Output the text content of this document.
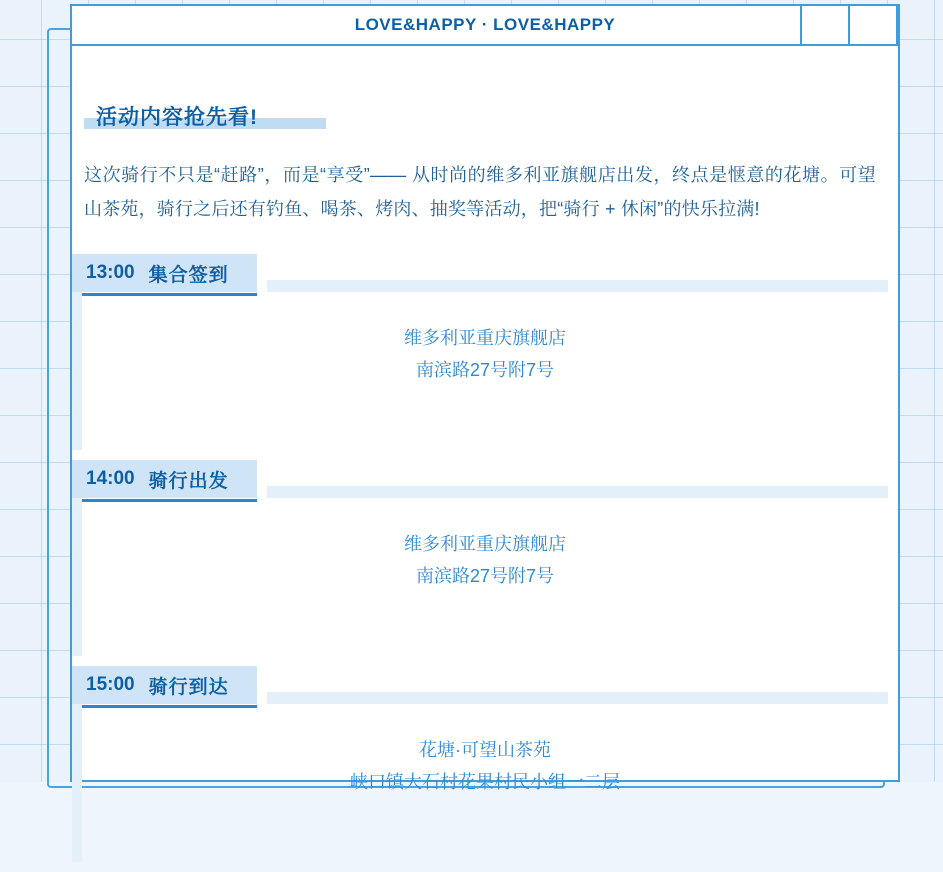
LOVE&HAPPY · LOVE&HAPPY
活动内容抢先看!

这次骑行不只是“赶路”，而是“享受”—— 从时尚的维多利亚旗舰店出发，终点是惬意的花塘。可望山茶苑，骑行之后还有钓鱼、喝茶、烤肉、抽奖等活动，把“骑行 + 休闲”的快乐拉满!

13:00 集合签到
维多利亚重庆旗舰店
南滨路27号附7号
14:00 骑行出发
维多利亚重庆旗舰店
南滨路27号附7号
15:00 骑行到达
花塘·可望山茶苑
峡口镇大石村花果村民小组一二层
